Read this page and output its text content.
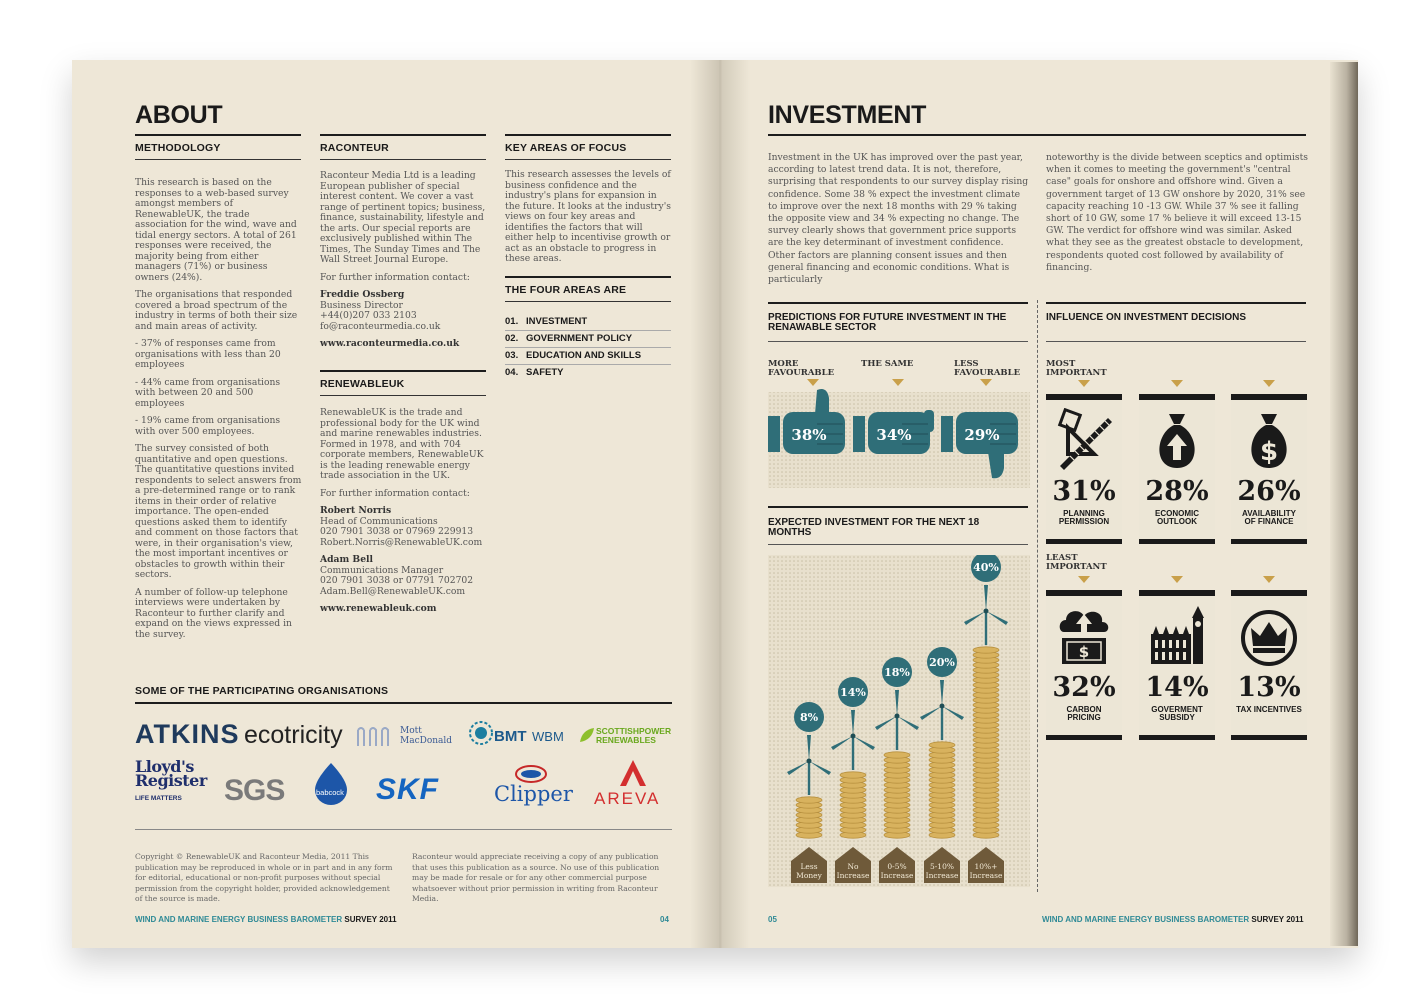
ABOUT
METHODOLOGY

This research is based on the responses to a web-based survey amongst members of RenewableUK, the trade association for the wind, wave and tidal energy sectors. A total of 261 responses were received, the majority being from either managers (71%) or business owners (24%).

The organisations that responded covered a broad spectrum of the industry in terms of both their size and main areas of activity.

- 37% of responses came from organisations with less than 20 employees

- 44% came from organisations with between 20 and 500 employees

- 19% came from organisations with over 500 employees.

The survey consisted of both quantitative and open questions. The quantitative questions invited respondents to select answers from a pre-determined range or to rank items in their order of relative importance. The open-ended questions asked them to identify and comment on those factors that were, in their organisation's view, the most important incentives or obstacles to growth within their sectors.

A number of follow-up telephone interviews were undertaken by Raconteur to further clarify and expand on the views expressed in the survey.

RACONTEUR

Raconteur Media Ltd is a leading European publisher of special interest content. We cover a vast range of pertinent topics; business, finance, sustainability, lifestyle and the arts. Our special reports are exclusively published within The Times, The Sunday Times and The Wall Street Journal Europe.

For further information contact:

Freddie Ossberg
Business Director
+44(0)207 033 2103
fo@raconteurmedia.co.uk
www.raconteurmedia.co.uk
RENEWABLEUK

RenewableUK is the trade and professional body for the UK wind and marine renewables industries. Formed in 1978, and with 704 corporate members, RenewableUK is the leading renewable energy trade association in the UK.

For further information contact:

Robert Norris
Head of Communications
020 7901 3038 or 07969 229913
Robert.Norris@RenewableUK.com
Adam Bell
Communications Manager
020 7901 3038 or 07791 702702
Adam.Bell@RenewableUK.com
www.renewableuk.com
KEY AREAS OF FOCUS
This research assesses the levels of business confidence and the industry's plans for expansion in the future. It looks at the industry's views on four key areas and identifies the factors that will either help to incentivise growth or act as an obstacle to progress in these areas.
THE FOUR AREAS ARE
01. INVESTMENT
02. GOVERNMENT POLICY
03. EDUCATION AND SKILLS
04. SAFETY
SOME OF THE PARTICIPATING ORGANISATIONS
ATKINS ecotricity	Mott
MacDonald	BMT WBM	SCOTTISHPOWER
RENEWABLES
Lloyd's
Register
LIFE MATTERS	SGS	babcock SKF	Clipper AREVA
Copyright © RenewableUK and Raconteur Media, 2011 This publication may be reproduced in whole or in part and in any form for editorial, educational or non-profit purposes without special permission from the copyright holder, provided acknowledgement of the source is made.
Raconteur would appreciate receiving a copy of any publication that uses this publication as a source. No use of this publication may be made for resale or for any other commercial purpose whatsoever without prior permission in writing from Raconteur Media.
WIND AND MARINE ENERGY BUSINESS BAROMETER SURVEY 2011	04
INVESTMENT
Investment in the UK has improved over the past year, according to latest trend data. It is not, therefore, surprising that respondents to our survey display rising confidence. Some 38 % expect the investment climate to improve over the next 18 months with 29 % taking the opposite view and 34 % expecting no change. The survey clearly shows that government price supports are the key determinant of investment confidence. Other factors are planning consent issues and then general financing and economic conditions. What is particularly
noteworthy is the divide between sceptics and optimists when it comes to meeting the government's "central case" goals for onshore and offshore wind. Given a government target of 13 GW onshore by 2020, 31% see capacity reaching 10 -13 GW. While 37 % see it falling short of 10 GW, some 17 % believe it will exceed 13-15 GW. The verdict for offshore wind was similar. Asked what they see as the greatest obstacle to development, respondents quoted cost followed by availability of financing.
PREDICTIONS FOR FUTURE INVESTMENT IN THE RENAWABLE SECTOR
MORE FAVOURABLE
THE SAME	LESS FAVOURABLE
38%	34%	29%
EXPECTED INVESTMENT FOR THE NEXT 18 MONTHS
8%
Less
Money
14%
No
Increase
18%
0-5%
Increase
20%
5-10%
Increase
40%
10%+
Increase
INFLUENCE ON INVESTMENT DECISIONS
MOST IMPORTANT
LEAST IMPORTANT
31%
PLANNING
PERMISSION
28%
ECONOMIC
OUTLOOK
$
26%
AVAILABILITY
OF FINANCE
$
32%
CARBON
PRICING
14%
GOVERMENT
SUBSIDY
13%
TAX INCENTIVES
05	WIND AND MARINE ENERGY BUSINESS BAROMETER SURVEY 2011
